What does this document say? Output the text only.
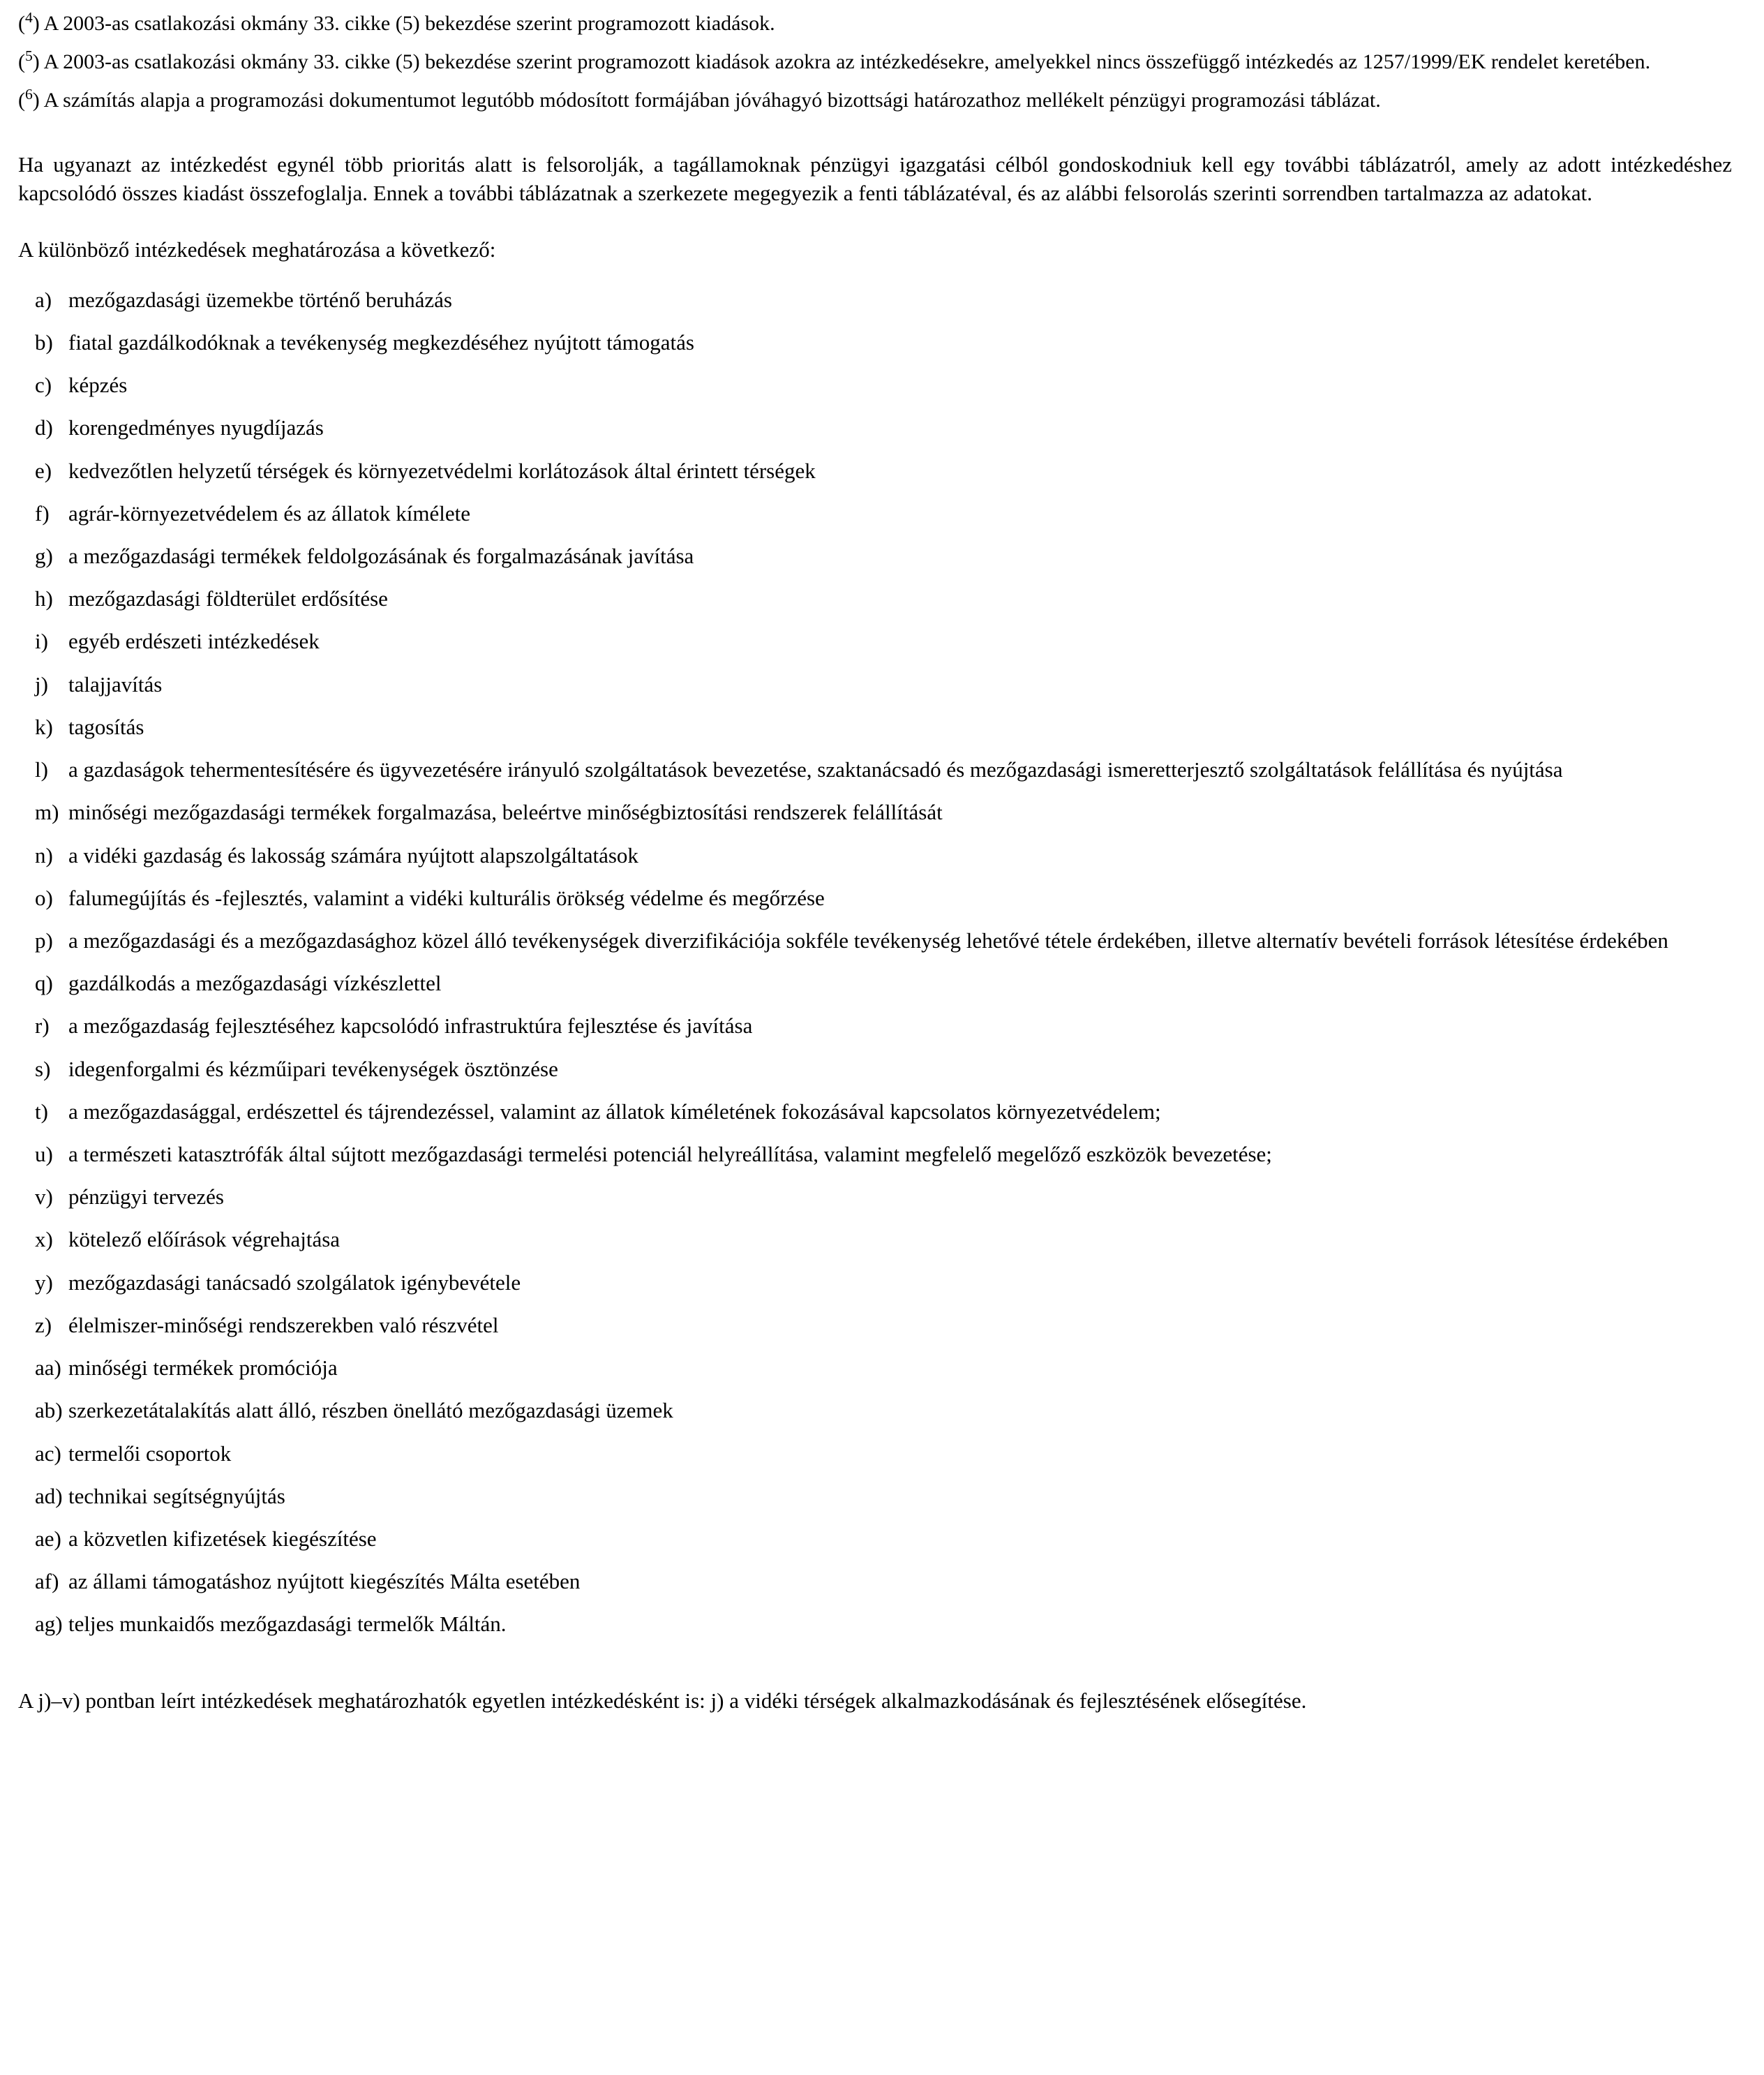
($^4$) A 2003-as csatlakozási okmány 33. cikke (5) bekezdése szerint programozott kiadások.

($^5$) A 2003-as csatlakozási okmány 33. cikke (5) bekezdése szerint programozott kiadások azokra az intézkedésekre, amelyekkel nincs összefüggő intézkedés az 1257/1999/EK rendelet keretében.

($^6$) A számítás alapja a programozási dokumentumot legutóbb módosított formájában jóváhagyó bizottsági határozathoz mellékelt pénzügyi programozási táblázat.

Ha ugyanazt az intézkedést egynél több prioritás alatt is felsorolják, a tagállamoknak pénzügyi igazgatási célból gondoskodniuk kell egy további táblázatról, amely az adott intézkedéshez kapcsolódó összes kiadást összefoglalja. Ennek a további táblázatnak a szerkezete megegyezik a fenti táblázatéval, és az alábbi felsorolás szerinti sorrendben tartalmazza az adatokat.

A különböző intézkedések meghatározása a következő:

a) mezőgazdasági üzemekbe történő beruházás
b) fiatal gazdálkodóknak a tevékenység megkezdéséhez nyújtott támogatás
c) képzés
d) korengedményes nyugdíjazás
e) kedvezőtlen helyzetű térségek és környezetvédelmi korlátozások által érintett térségek
f) agrár-környezetvédelem és az állatok kímélete
g) a mezőgazdasági termékek feldolgozásának és forgalmazásának javítása
h) mezőgazdasági földterület erdősítése
i) egyéb erdészeti intézkedések
j) talajjavítás
k) tagosítás
l) a gazdaságok tehermentesítésére és ügyvezetésére irányuló szolgáltatások bevezetése, szaktanácsadó és mezőgazdasági ismeretterjesztő szolgáltatások felállítása és nyújtása
m) minőségi mezőgazdasági termékek forgalmazása, beleértve minőségbiztosítási rendszerek felállítását
n) a vidéki gazdaság és lakosság számára nyújtott alapszolgáltatások
o) falumegújítás és -fejlesztés, valamint a vidéki kulturális örökség védelme és megőrzése
p) a mezőgazdasági és a mezőgazdasághoz közel álló tevékenységek diverzifikációja sokféle tevékenység lehetővé tétele érdekében, illetve alternatív bevételi források létesítése érdekében
q) gazdálkodás a mezőgazdasági vízkészlettel
r) a mezőgazdaság fejlesztéséhez kapcsolódó infrastruktúra fejlesztése és javítása
s) idegenforgalmi és kézműipari tevékenységek ösztönzése
t) a mezőgazdasággal, erdészettel és tájrendezéssel, valamint az állatok kíméletének fokozásával kapcsolatos környezetvédelem;
u) a természeti katasztrófák által sújtott mezőgazdasági termelési potenciál helyreállítása, valamint megfelelő megelőző eszközök bevezetése;
v) pénzügyi tervezés
x) kötelező előírások végrehajtása
y) mezőgazdasági tanácsadó szolgálatok igénybevétele
z) élelmiszer-minőségi rendszerekben való részvétel
aa) minőségi termékek promóciója
ab) szerkezetátalakítás alatt álló, részben önellátó mezőgazdasági üzemek
ac) termelői csoportok
ad) technikai segítségnyújtás
ae) a közvetlen kifizetések kiegészítése
af) az állami támogatáshoz nyújtott kiegészítés Málta esetében
ag) teljes munkaidős mezőgazdasági termelők Máltán.

A j)–v) pontban leírt intézkedések meghatározhatók egyetlen intézkedésként is: j) a vidéki térségek alkalmazkodásának és fejlesztésének elősegítése.
